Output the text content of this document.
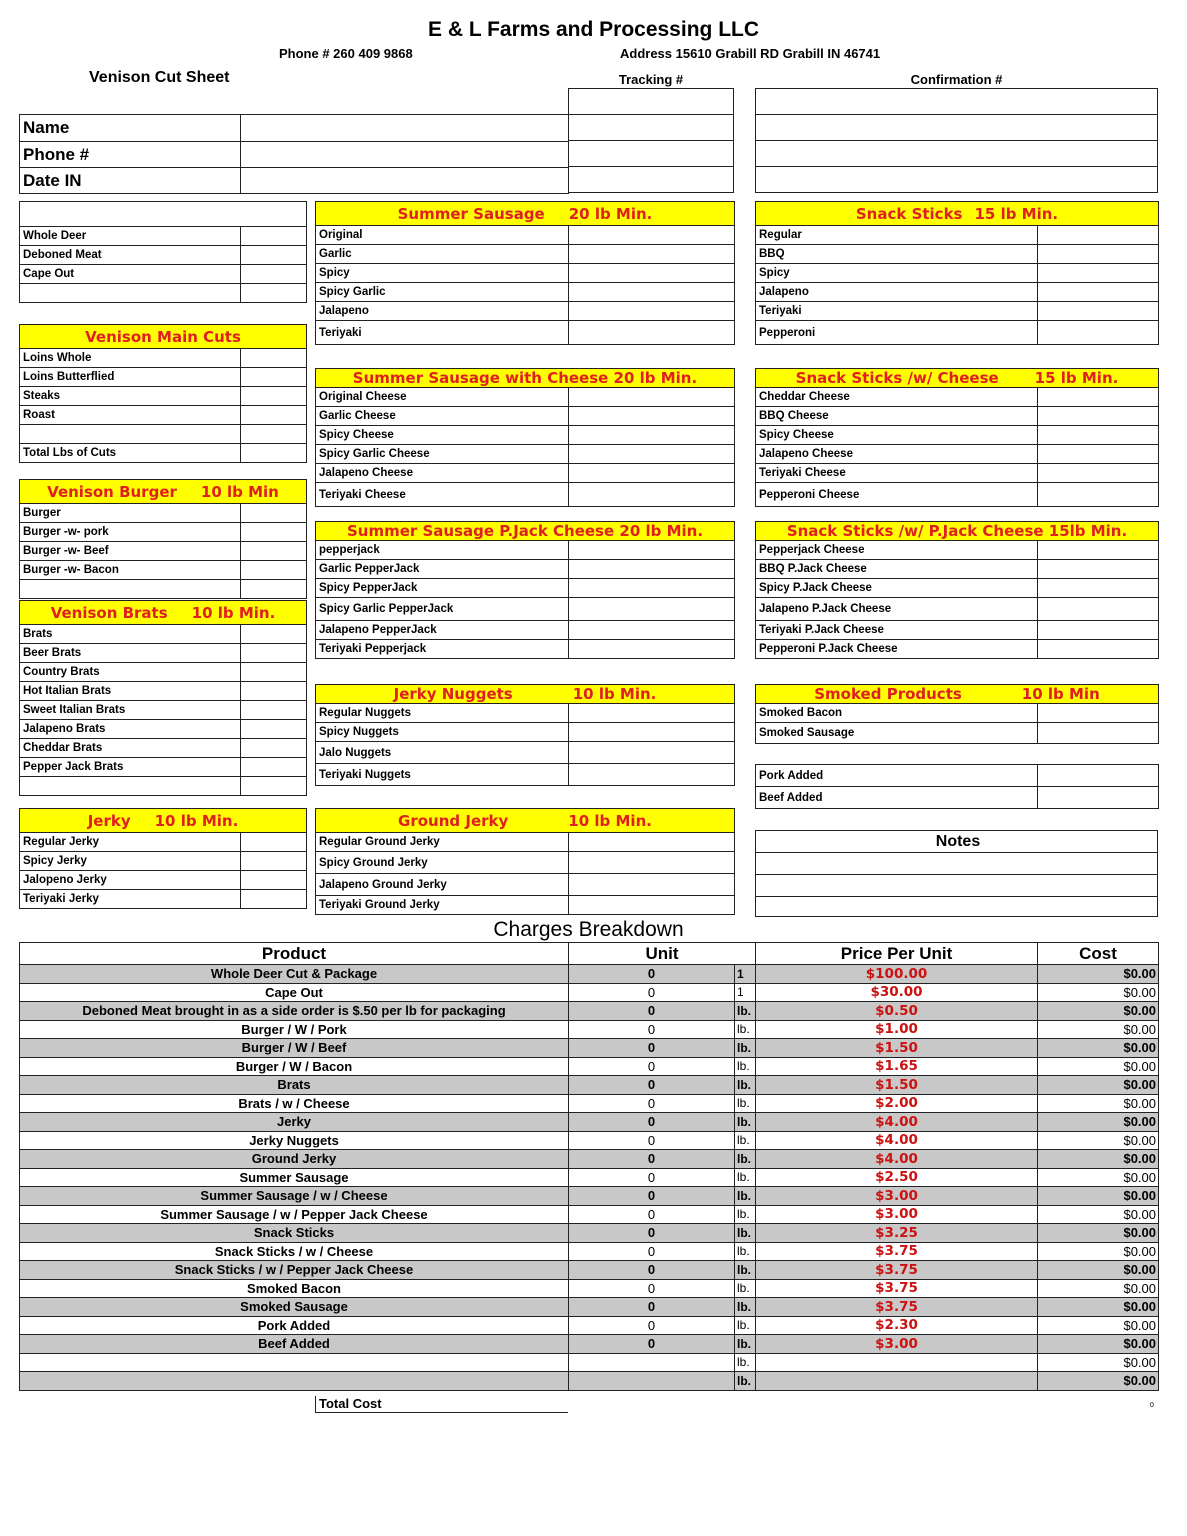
E & L Farms and Processing LLC
Phone # 260 409 9868	Address 15610 Grabill RD Grabill IN 46741
Venison Cut Sheet	Tracking #	Confirmation #

Name	
Phone #	
Date IN	

Whole Deer	
Deboned Meat	
Cape Out	

Venison Main Cuts	
Loins Whole	
Loins Butterflied	
Steaks	
Roast	

Total Lbs of Cuts	
Venison Burger 10 lb Min	
Burger	
Burger -w- pork	
Burger -w- Beef	
Burger -w- Bacon	

Venison Brats 10 lb Min.	
Brats	
Beer Brats	
Country Brats	
Hot Italian Brats	
Sweet Italian Brats	
Jalapeno Brats	
Cheddar Brats	
Pepper Jack Brats	

Jerky 10 lb Min.	
Regular Jerky	
Spicy Jerky	
Jalopeno Jerky	
Teriyaki Jerky	
Summer Sausage 20 lb Min.	
Original	
Garlic	
Spicy	
Spicy Garlic	
Jalapeno	
Teriyaki	
Summer Sausage with Cheese 20 lb Min.	
Original Cheese	
Garlic Cheese	
Spicy Cheese	
Spicy Garlic Cheese	
Jalapeno Cheese	
Teriyaki Cheese	
Summer Sausage P.Jack Cheese 20 lb Min.	
pepperjack	
Garlic PepperJack	
Spicy PepperJack	
Spicy Garlic PepperJack	
Jalapeno PepperJack	
Teriyaki Pepperjack	
Jerky Nuggets 10 lb Min.	
Regular Nuggets	
Spicy Nuggets	
Jalo Nuggets	
Teriyaki Nuggets	
Ground Jerky 10 lb Min.	
Regular Ground Jerky	
Spicy Ground Jerky	
Jalapeno Ground Jerky	
Teriyaki Ground Jerky	
Snack Sticks 15 lb Min.	
Regular	
BBQ	
Spicy	
Jalapeno	
Teriyaki	
Pepperoni	
Snack Sticks /w/ Cheese 15 lb Min.	
Cheddar Cheese	
BBQ Cheese	
Spicy Cheese	
Jalapeno Cheese	
Teriyaki Cheese	
Pepperoni Cheese	
Snack Sticks /w/ P.Jack Cheese 15lb Min.	
Pepperjack Cheese	
BBQ P.Jack Cheese	
Spicy P.Jack Cheese	
Jalapeno P.Jack Cheese	
Teriyaki P.Jack Cheese	
Pepperoni P.Jack Cheese	
Smoked Products 10 lb Min	
Smoked Bacon	
Smoked Sausage	
Pork Added	
Beef Added	
Notes

Charges Breakdown
Product	Unit		Price Per Unit	Cost
Whole Deer Cut & Package	0	1	$100.00	$0.00
Cape Out	0	1	$30.00	$0.00
Deboned Meat brought in as a side order is $.50 per lb for packaging	0	lb.	$0.50	$0.00
Burger / W / Pork	0	lb.	$1.00	$0.00
Burger / W / Beef	0	lb.	$1.50	$0.00
Burger / W / Bacon	0	lb.	$1.65	$0.00
Brats	0	lb.	$1.50	$0.00
Brats / w / Cheese	0	lb.	$2.00	$0.00
Jerky	0	lb.	$4.00	$0.00
Jerky Nuggets	0	lb.	$4.00	$0.00
Ground Jerky	0	lb.	$4.00	$0.00
Summer Sausage	0	lb.	$2.50	$0.00
Summer Sausage / w / Cheese	0	lb.	$3.00	$0.00
Summer Sausage / w / Pepper Jack Cheese	0	lb.	$3.00	$0.00
Snack Sticks	0	lb.	$3.25	$0.00
Snack Sticks / w / Cheese	0	lb.	$3.75	$0.00
Snack Sticks / w / Pepper Jack Cheese	0	lb.	$3.75	$0.00
Smoked Bacon	0	lb.	$3.75	$0.00
Smoked Sausage	0	lb.	$3.75	$0.00
Pork Added	0	lb.	$2.30	$0.00
Beef Added	0	lb.	$3.00	$0.00
		lb.		$0.00
		lb.		$0.00
Total Cost	0
